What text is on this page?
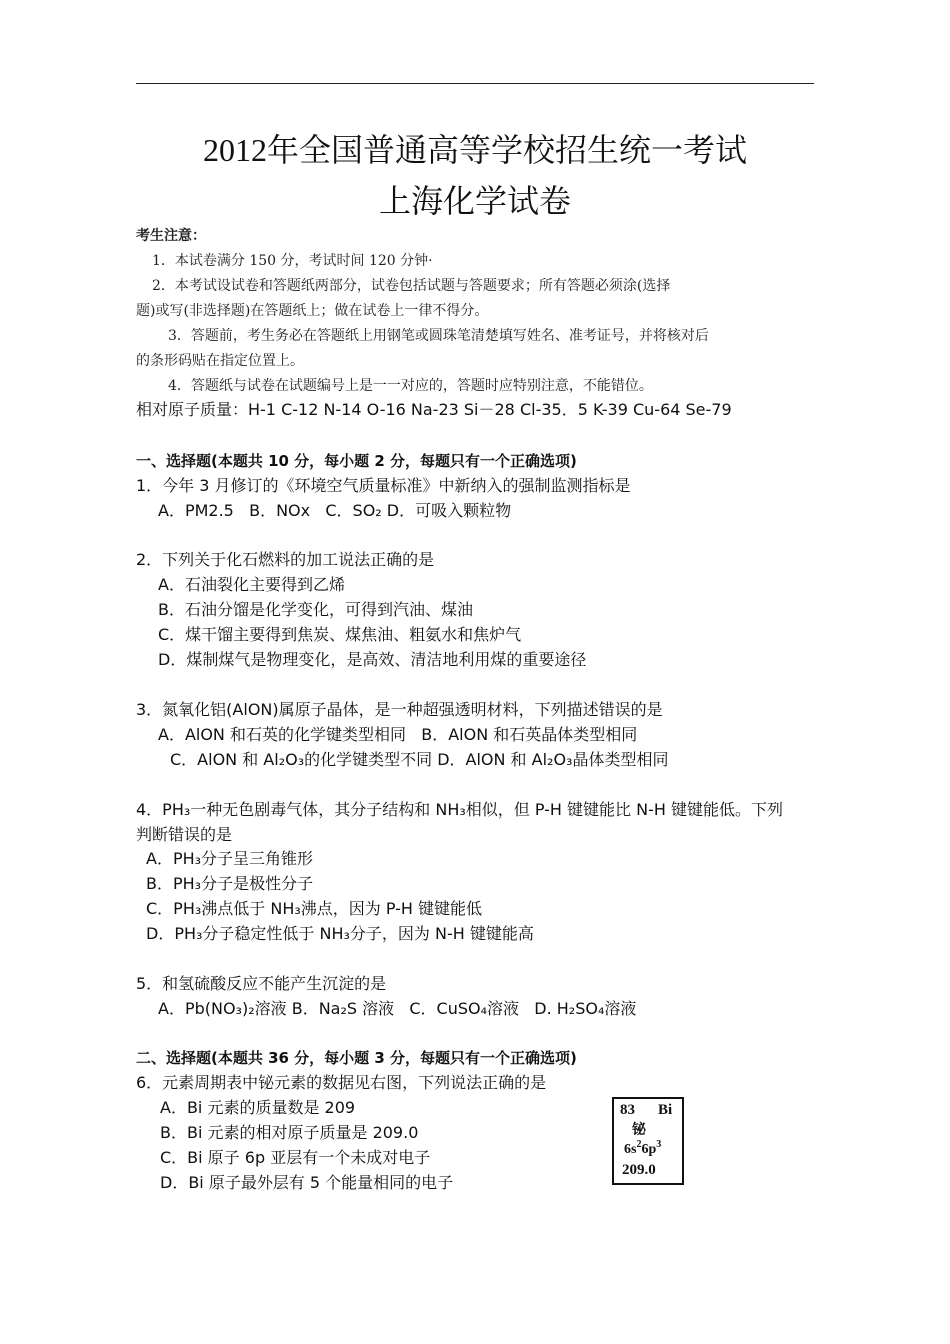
2012年全国普通高等学校招生统一考试
上海化学试卷
考生注意：
1．本试卷满分 150 分，考试时间 120 分钟·
2．本考试设试卷和答题纸两部分，试卷包括试题与答题要求；所有答题必须涂(选择
题)或写(非选择题)在答题纸上；做在试卷上一律不得分。
3．答题前，考生务必在答题纸上用钢笔或圆珠笔清楚填写姓名、准考证号，并将核对后
的条形码贴在指定位置上。
4．答题纸与试卷在试题编号上是一一对应的，答题时应特别注意，不能错位。
相对原子质量：H-1 C-12 N-14 O-16 Na-23 Si－28 Cl-35．5 K-39 Cu-64 Se-79
一、选择题(本题共 10 分，每小题 2 分，每题只有一个正确选项)
1．今年 3 月修订的《环境空气质量标准》中新纳入的强制监测指标是
A．PM2.5   B．NOx   C．SO₂ D．可吸入颗粒物
2．下列关于化石燃料的加工说法正确的是
A．石油裂化主要得到乙烯
B．石油分馏是化学变化，可得到汽油、煤油
C．煤干馏主要得到焦炭、煤焦油、粗氨水和焦炉气
D．煤制煤气是物理变化，是高效、清洁地利用煤的重要途径
3．氮氧化铝(AlON)属原子晶体，是一种超强透明材料，下列描述错误的是
A．AlON 和石英的化学键类型相同   B．AlON 和石英晶体类型相同
C．AlON 和 Al₂O₃的化学键类型不同 D．AlON 和 Al₂O₃晶体类型相同
4．PH₃一种无色剧毒气体，其分子结构和 NH₃相似，但 P-H 键键能比 N-H 键键能低。下列
判断错误的是
A．PH₃分子呈三角锥形
B．PH₃分子是极性分子
C．PH₃沸点低于 NH₃沸点，因为 P-H 键键能低
D．PH₃分子稳定性低于 NH₃分子，因为 N-H 键键能高
5．和氢硫酸反应不能产生沉淀的是
A．Pb(NO₃)₂溶液 B．Na₂S 溶液   C．CuSO₄溶液   D. H₂SO₄溶液
二、选择题(本题共 36 分，每小题 3 分，每题只有一个正确选项)
6．元素周期表中铋元素的数据见右图，下列说法正确的是
A．Bi 元素的质量数是 209
B．Bi 元素的相对原子质量是 209.0
C．Bi 原子 6p 亚层有一个未成对电子
D．Bi 原子最外层有 5 个能量相同的电子
83 Bi
铋
$6s^26p^3$
209.0
